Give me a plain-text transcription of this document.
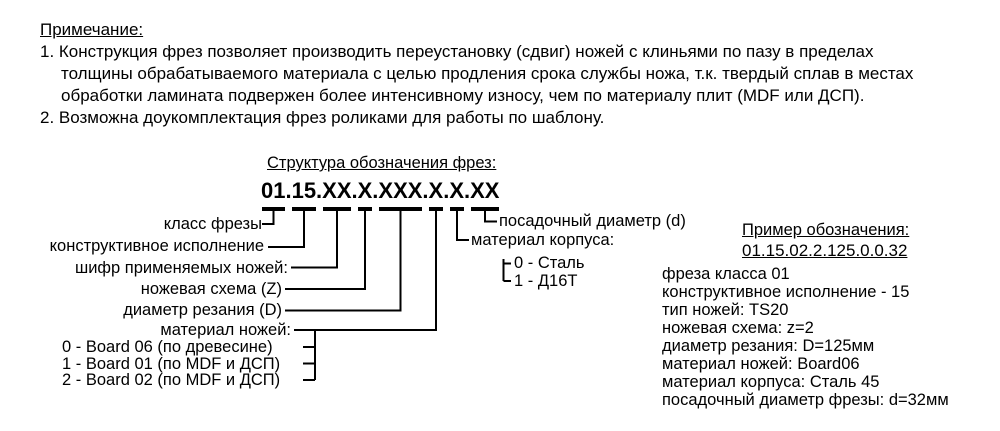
Примечание:
1. Конструкция фрез позволяет производить переустановку (сдвиг) ножей с клиньями по пазу в пределах
толщины обрабатываемого материала с целью продления срока службы ножа, т.к. твердый сплав в местах
обработки ламината подвержен более интенсивному износу, чем по материалу плит (MDF или ДСП).
2. Возможна доукомплектация фрез роликами для работы по шаблону.
Структура обозначения фрез:
01.15.XX.X.XXX.X.X.XX
класс фрезы
конструктивное исполнение
шифр применяемых ножей:
ножевая схема (Z)
диаметр резания (D)
материал ножей:
0 - Board 06 (по древесине)
1 - Board 01 (по MDF и ДСП)
2 - Board 02 (по MDF и ДСП)
посадочный диаметр (d)
материал корпуса:
0 - Сталь
1 - Д16Т
Пример обозначения:
01.15.02.2.125.0.0.32
фреза класса 01
конструктивное исполнение - 15
тип ножей: TS20
ножевая схема: z=2
диаметр резания: D=125мм
материал ножей: Board06
материал корпуса: Сталь 45
посадочный диаметр фрезы: d=32мм
